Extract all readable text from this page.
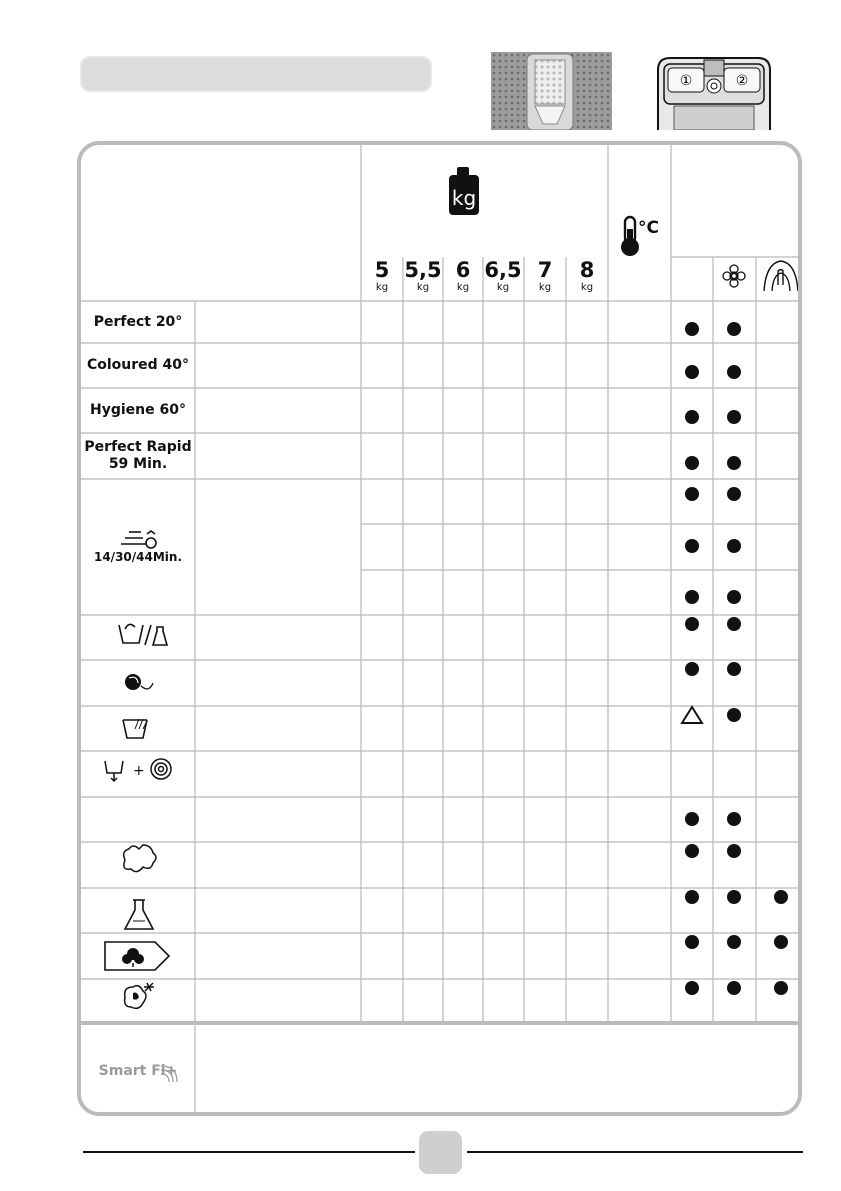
①	②
kg
°C
+
5
kg
5,5
kg
6
kg
6,5
kg
7
kg
8
kg
Perfect 20°
Coloured 40°
Hygiene 60°
Perfect Rapid
59 Min.
14/30/44Min.
Smart Fi+
